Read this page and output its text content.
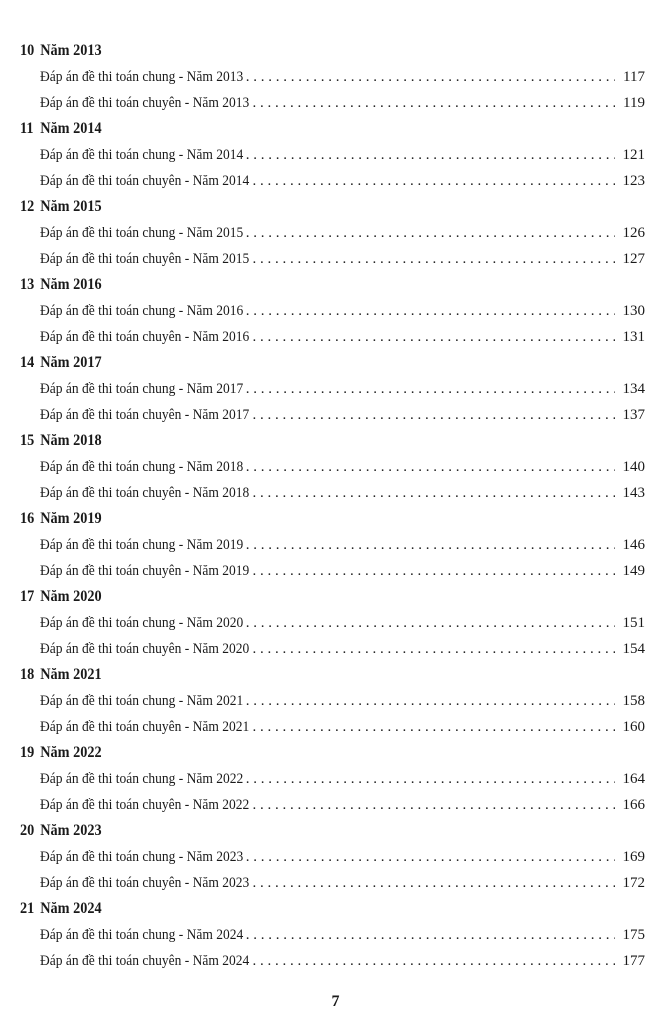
10 Năm 2013
Đáp án đề thi toán chung - Năm 2013 . . .	117
Đáp án đề thi toán chuyên - Năm 2013 . . .	119
11 Năm 2014
Đáp án đề thi toán chung - Năm 2014 . . .	121
Đáp án đề thi toán chuyên - Năm 2014 . . .	123
12 Năm 2015
Đáp án đề thi toán chung - Năm 2015 . . .	126
Đáp án đề thi toán chuyên - Năm 2015 . . .	127
13 Năm 2016
Đáp án đề thi toán chung - Năm 2016 . . .	130
Đáp án đề thi toán chuyên - Năm 2016 . . .	131
14 Năm 2017
Đáp án đề thi toán chung - Năm 2017 . . .	134
Đáp án đề thi toán chuyên - Năm 2017 . . .	137
15 Năm 2018
Đáp án đề thi toán chung - Năm 2018 . . .	140
Đáp án đề thi toán chuyên - Năm 2018 . . .	143
16 Năm 2019
Đáp án đề thi toán chung - Năm 2019 . . .	146
Đáp án đề thi toán chuyên - Năm 2019 . . .	149
17 Năm 2020
Đáp án đề thi toán chung - Năm 2020 . . .	151
Đáp án đề thi toán chuyên - Năm 2020 . . .	154
18 Năm 2021
Đáp án đề thi toán chung - Năm 2021 . . .	158
Đáp án đề thi toán chuyên - Năm 2021 . . .	160
19 Năm 2022
Đáp án đề thi toán chung - Năm 2022 . . .	164
Đáp án đề thi toán chuyên - Năm 2022 . . .	166
20 Năm 2023
Đáp án đề thi toán chung - Năm 2023 . . .	169
Đáp án đề thi toán chuyên - Năm 2023 . . .	172
21 Năm 2024
Đáp án đề thi toán chung - Năm 2024 . . .	175
Đáp án đề thi toán chuyên - Năm 2024 . . .	177
7
